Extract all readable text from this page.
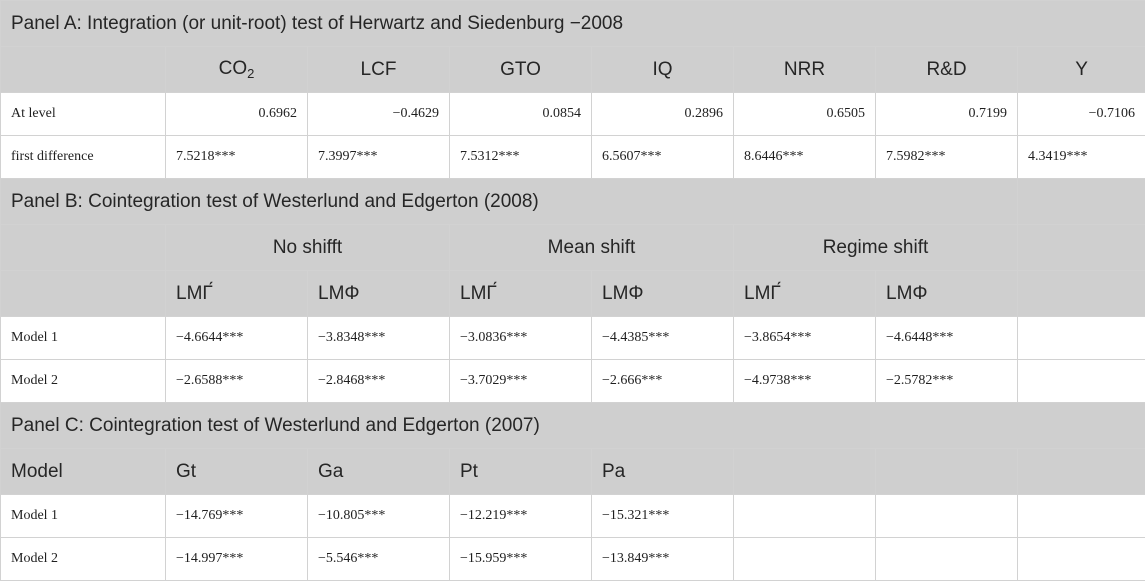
Panel A: Integration (or unit-root) test of Herwartz and Siedenburg −2008							
	$CO_2$	LCF	GTO	IQ	NRR	R&D	Y
At level	0.6962	−0.4629	0.0854	0.2896	0.6505	0.7199	−0.7106
first difference	7.5218***	7.3997***	7.5312***	6.5607***	8.6446***	7.5982***	4.3419***
Panel B: Cointegration test of Westerlund and Edgerton (2008)							
	No shifft		Mean shift		Regime shift		
	LMΓ́	LMΦ	LMΓ́	LMΦ	LMΓ́	LMΦ	
Model 1	−4.6644***	−3.8348***	−3.0836***	−4.4385***	−3.8654***	−4.6448***	
Model 2	−2.6588***	−2.8468***	−3.7029***	−2.666***	−4.9738***	−2.5782***	
Panel C: Cointegration test of Westerlund and Edgerton (2007)							
Model	Gt	Ga	Pt	Pa			
Model 1	−14.769***	−10.805***	−12.219***	−15.321***			
Model 2	−14.997***	−5.546***	−15.959***	−13.849***			
